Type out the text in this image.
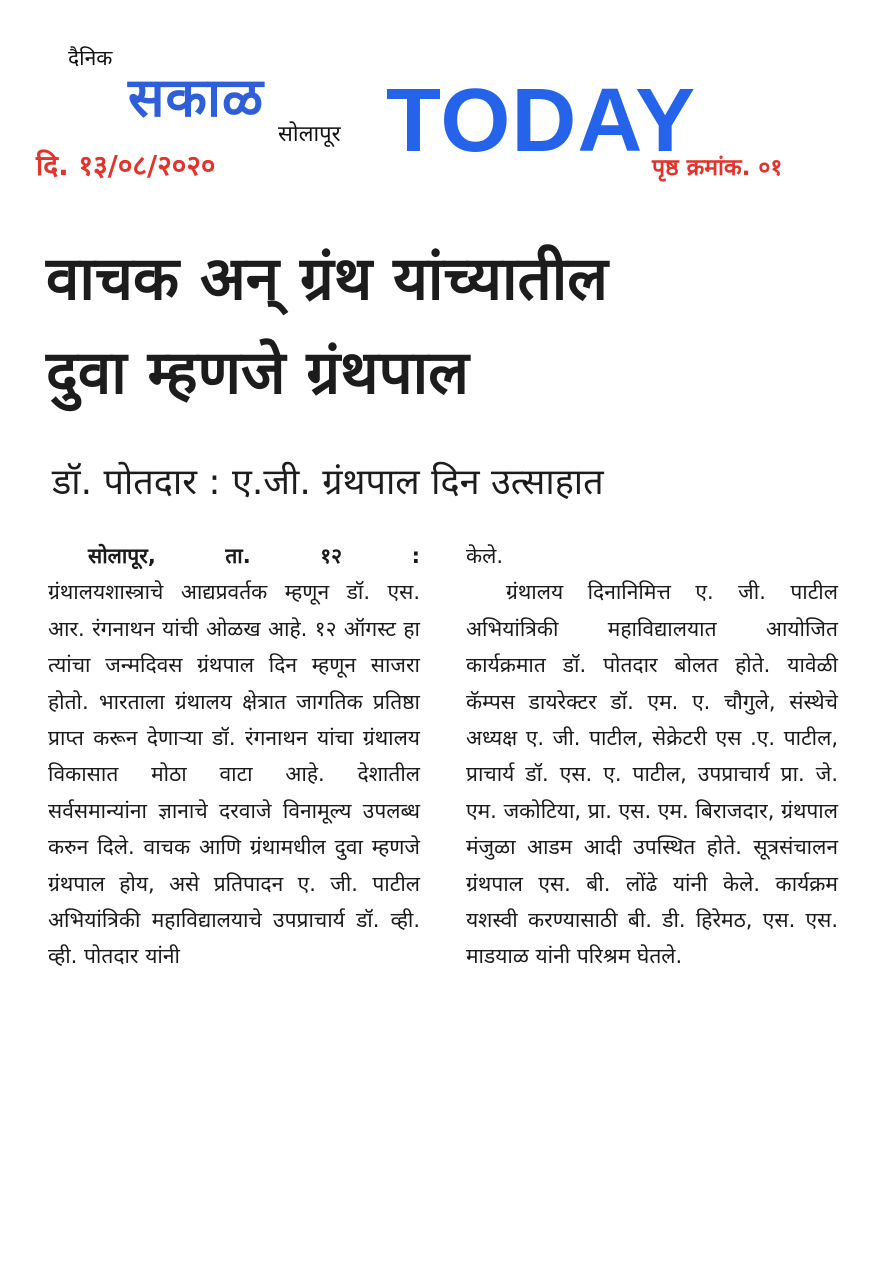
दैनिक
सकाळ
सोलापूर TODAY
दि. १३/०८/२०२०	पृष्ठ क्रमांक. ०१
वाचक अन् ग्रंथ यांच्यातील
दुवा म्हणजे ग्रंथपाल
डॉ. पोतदार : ए.जी. ग्रंथपाल दिन उत्साहात
सोलापूर,	ता.	१२	:

ग्रंथालयशास्त्राचे आद्यप्रवर्तक म्हणून डॉ. एस. आर. रंगनाथन यांची ओळख आहे. १२ ऑगस्ट हा त्यांचा जन्मदिवस ग्रंथपाल दिन म्हणून साजरा होतो. भारताला ग्रंथालय क्षेत्रात जागतिक प्रतिष्ठा प्राप्त करून देणाऱ्या डॉ. रंगनाथन यांचा ग्रंथालय विकासात मोठा वाटा आहे. देशातील सर्वसमान्यांना ज्ञानाचे दरवाजे विनामूल्य उपलब्ध करुन दिले. वाचक आणि ग्रंथामधील दुवा म्हणजे ग्रंथपाल होय, असे प्रतिपादन ए. जी. पाटील अभियांत्रिकी महाविद्यालयाचे उपप्राचार्य डॉ. व्ही. व्ही. पोतदार यांनी

केले.

ग्रंथालय दिनानिमित्त ए. जी. पाटील अभियांत्रिकी महाविद्यालयात आयोजित कार्यक्रमात डॉ. पोतदार बोलत होते. यावेळी कॅम्पस डायरेक्टर डॉ. एम. ए. चौगुले, संस्थेचे अध्यक्ष ए. जी. पाटील, सेक्रेटरी एस .ए. पाटील, प्राचार्य डॉ. एस. ए. पाटील, उपप्राचार्य प्रा. जे. एम. जकोटिया, प्रा. एस. एम. बिराजदार, ग्रंथपाल मंजुळा आडम आदी उपस्थित होते. सूत्रसंचालन ग्रंथपाल एस. बी. लोंढे यांनी केले. कार्यक्रम यशस्वी करण्यासाठी बी. डी. हिरेमठ, एस. एस. माडयाळ यांनी परिश्रम घेतले.
